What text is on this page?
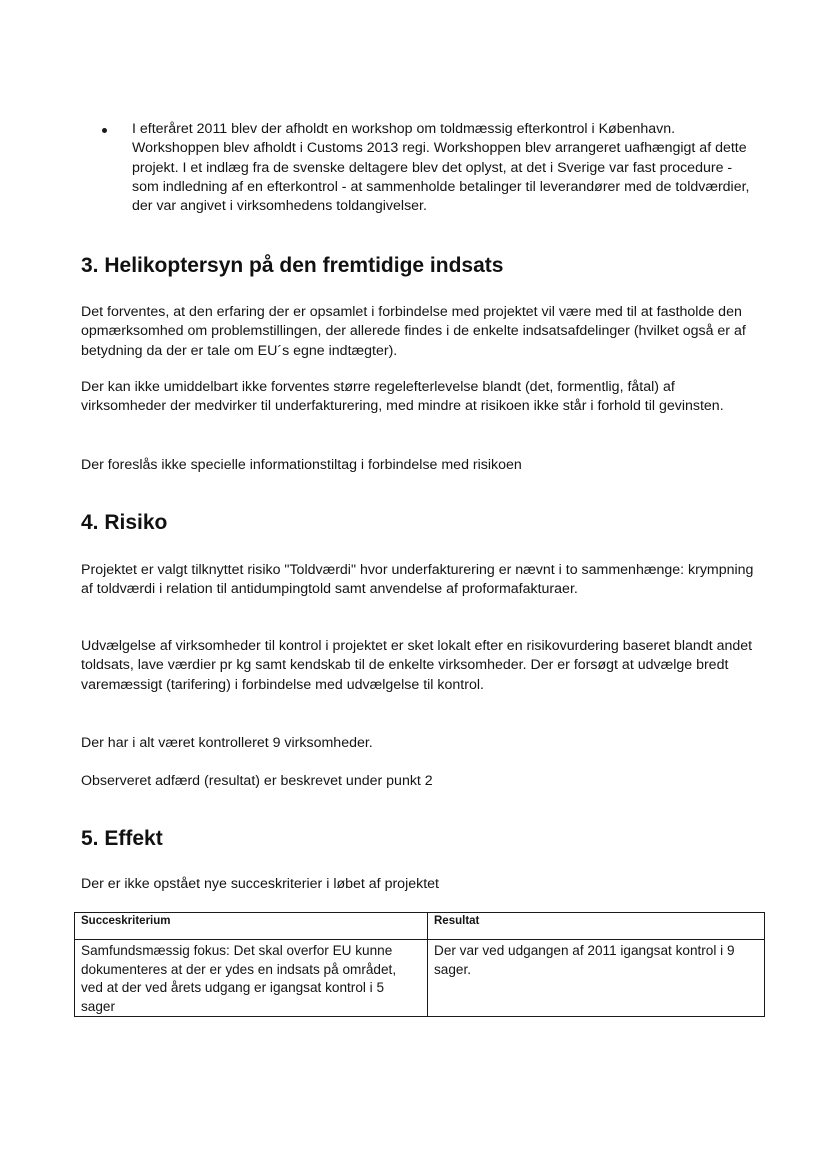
I efteråret 2011 blev der afholdt en workshop om toldmæssig efterkontrol i København. Workshoppen blev afholdt i Customs 2013 regi. Workshoppen blev arrangeret uafhængigt af dette projekt. I et indlæg fra de svenske deltagere blev det oplyst, at det i Sverige var fast procedure - som indledning af en efterkontrol - at sammenholde betalinger til leverandører med de toldværdier, der var angivet i virksomhedens toldangivelser.
3. Helikoptersyn på den fremtidige indsats

Det forventes, at den erfaring der er opsamlet i forbindelse med projektet vil være med til at fastholde den opmærksomhed om problemstillingen, der allerede findes i de enkelte indsatsafdelinger (hvilket også er af betydning da der er tale om EU´s egne indtægter).

Der kan ikke umiddelbart ikke forventes større regelefterlevelse blandt (det, formentlig, fåtal) af virksomheder der medvirker til underfakturering, med mindre at risikoen ikke står i forhold til gevinsten.

Der foreslås ikke specielle informationstiltag i forbindelse med risikoen

4. Risiko

Projektet er valgt tilknyttet risiko "Toldværdi" hvor underfakturering er nævnt i to sammenhænge: krympning af toldværdi i relation til antidumpingtold samt anvendelse af proformafakturaer.

Udvælgelse af virksomheder til kontrol i projektet er sket lokalt efter en risikovurdering baseret blandt andet toldsats, lave værdier pr kg samt kendskab til de enkelte virksomheder. Der er forsøgt at udvælge bredt varemæssigt (tarifering) i forbindelse med udvælgelse til kontrol.

Der har i alt været kontrolleret 9 virksomheder.

Observeret adfærd (resultat) er beskrevet under punkt 2

5. Effekt

Der er ikke opstået nye succeskriterier i løbet af projektet

Succeskriterium	Resultat
Samfundsmæssig fokus: Det skal overfor EU kunne dokumenteres at der er ydes en indsats på området, ved at der ved årets udgang er igangsat kontrol i 5 sager	Der var ved udgangen af 2011 igangsat kontrol i 9 sager.
